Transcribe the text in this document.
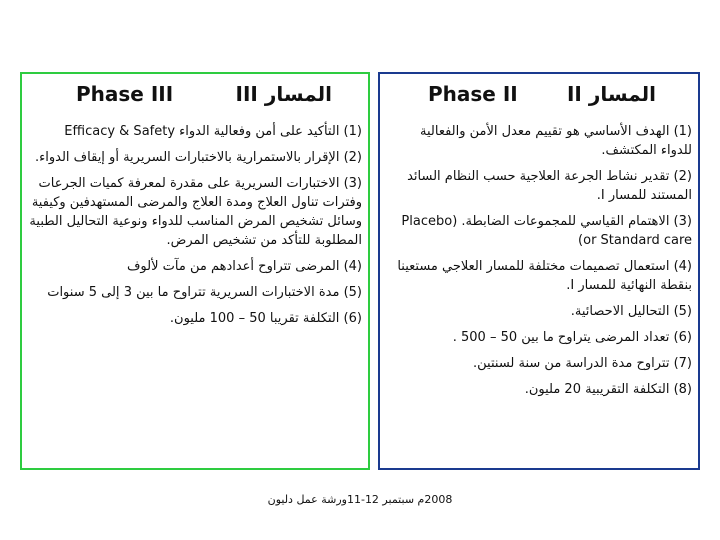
Phase III	المسار III
(1) التأكيد على أمن وفعالية الدواء Efficacy & Safety
(2) الإقرار بالاستمرارية بالاختبارات السريرية أو إيقاف الدواء.
(3) الاختبارات السريرية على مقدرة لمعرفة كميات الجرعات وفترات تناول العلاج ومدة العلاج والمرضى المستهدفين وكيفية وسائل تشخيص المرض المناسب للدواء ونوعية التحاليل الطبية المطلوبة للتأكد من تشخيص المرض.
(4) المرضى تتراوح أعدادهم من مآت لألوف
(5) مدة الاختبارات السريرية تتراوح ما بين 3 إلى 5 سنوات
(6) التكلفة تقريبا 50 – 100 مليون.
Phase II المسار II
(1) الهدف الأساسي هو تقييم معدل الأمن والفعالية للدواء المكتشف.
(2) تقدير نشاط الجرعة العلاجية حسب النظام السائد المستند للمسار I.
(3) الاهتمام القياسي للمجموعات الضابطة. (Placebo or Standard care)
(4) استعمال تصميمات مختلفة للمسار العلاجي مستعينا بنقطة النهائية للمسار I.
(5) التحاليل الاحصائية.
(6) تعداد المرضى يتراوح ما بين 50 – 500 .
(7) تتراوح مدة الدراسة من سنة لسنتين.
(8) التكلفة التقريبية 20 مليون.
2008م سبتمبر 12-11ورشة عمل دليون
